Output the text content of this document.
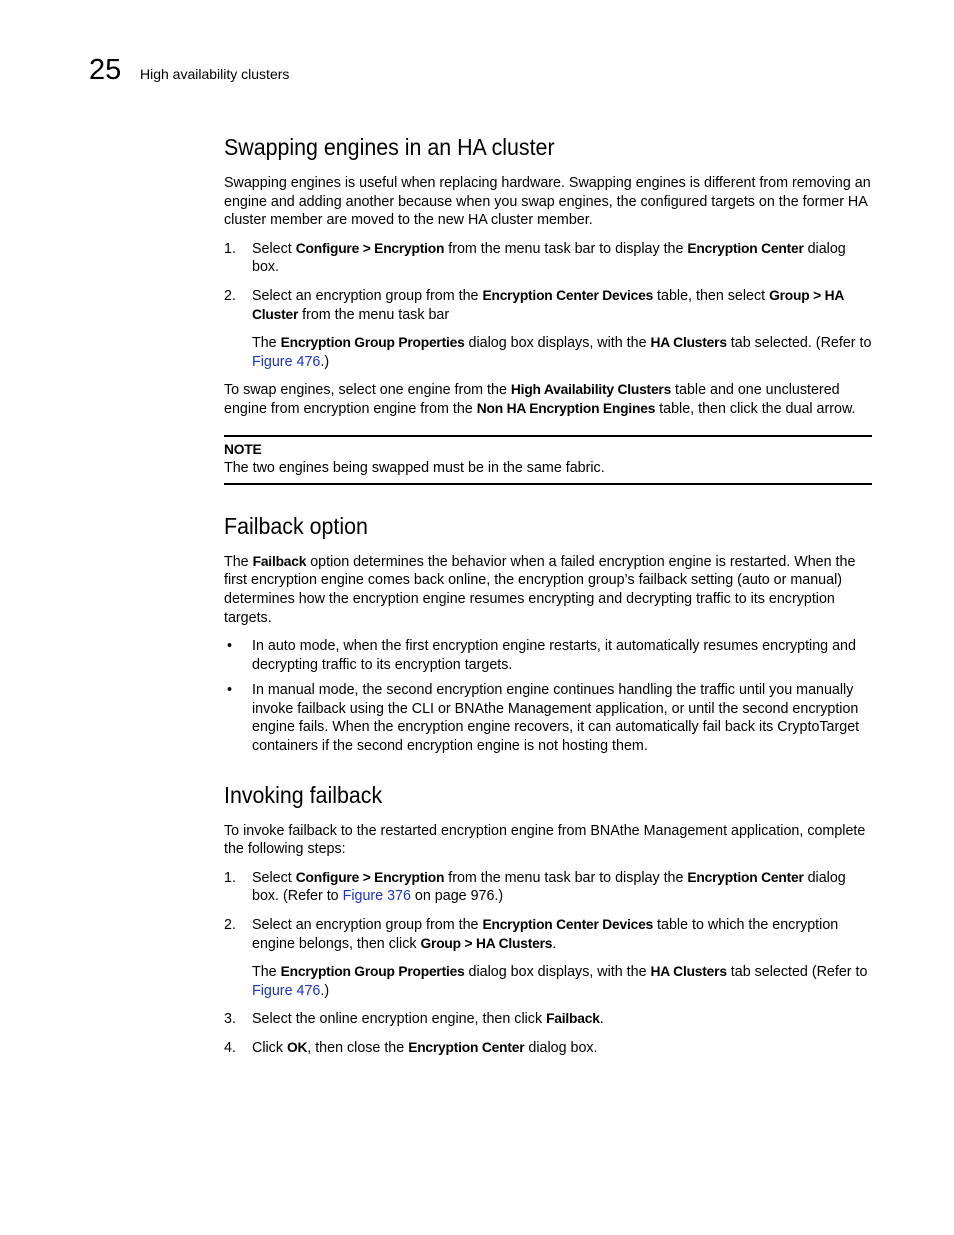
25 High availability clusters
Swapping engines in an HA cluster

Swapping engines is useful when replacing hardware. Swapping engines is different from removing an engine and adding another because when you swap engines, the configured targets on the former HA cluster member are moved to the new HA cluster member.

1. Select Configure > Encryption from the menu task bar to display the Encryption Center dialog box.
2. Select an encryption group from the Encryption Center Devices table, then select Group > HA Cluster from the menu task bar
The Encryption Group Properties dialog box displays, with the HA Clusters tab selected. (Refer to Figure 476.)

To swap engines, select one engine from the High Availability Clusters table and one unclustered engine from encryption engine from the Non HA Encryption Engines table, then click the dual arrow.

NOTE
The two engines being swapped must be in the same fabric.
Failback option

The Failback option determines the behavior when a failed encryption engine is restarted. When the first encryption engine comes back online, the encryption group’s failback setting (auto or manual) determines how the encryption engine resumes encrypting and decrypting traffic to its encryption targets.

• In auto mode, when the first encryption engine restarts, it automatically resumes encrypting and decrypting traffic to its encryption targets.
• In manual mode, the second encryption engine continues handling the traffic until you manually invoke failback using the CLI or BNAthe Management application, or until the second encryption engine fails. When the encryption engine recovers, it can automatically fail back its CryptoTarget containers if the second encryption engine is not hosting them.
Invoking failback

To invoke failback to the restarted encryption engine from BNAthe Management application, complete the following steps:

1. Select Configure > Encryption from the menu task bar to display the Encryption Center dialog box. (Refer to Figure 376 on page 976.)
2. Select an encryption group from the Encryption Center Devices table to which the encryption engine belongs, then click Group > HA Clusters.
The Encryption Group Properties dialog box displays, with the HA Clusters tab selected (Refer to Figure 476.)
3. Select the online encryption engine, then click Failback.
4. Click OK, then close the Encryption Center dialog box.
